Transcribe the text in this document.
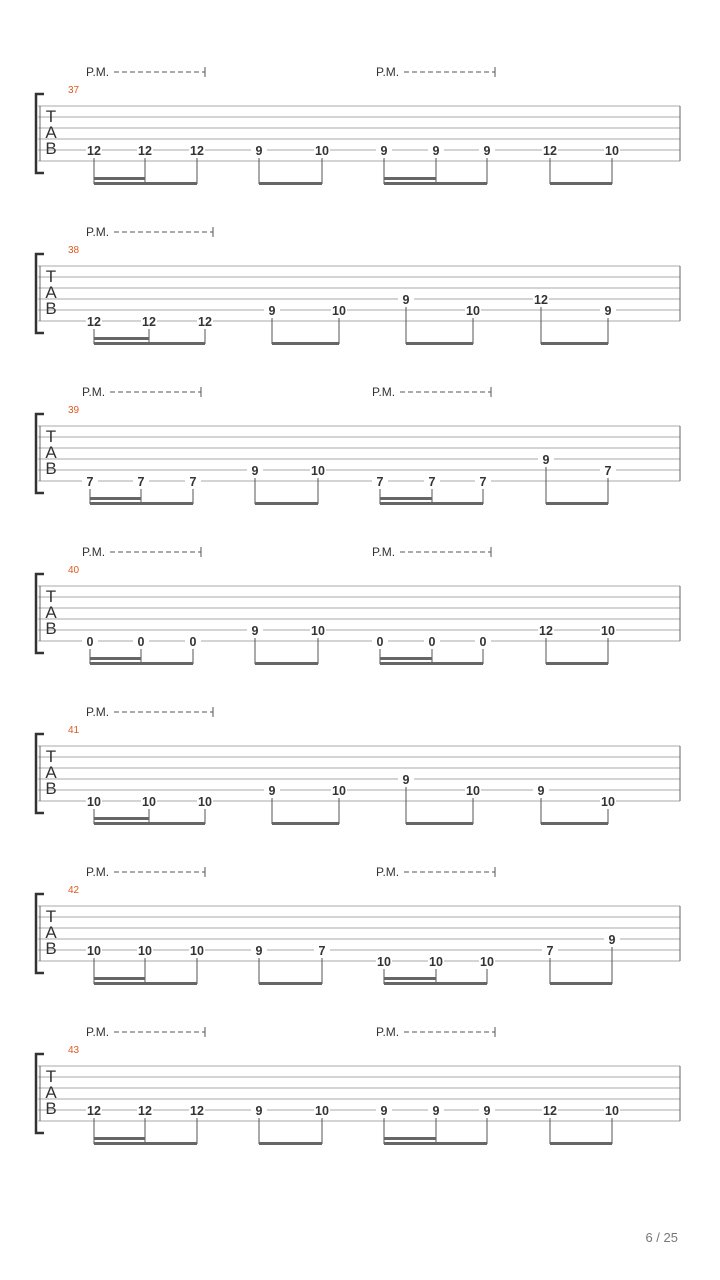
T
A
B
37
12	12	12	9	10	9	9	9	12	10
P.M.	P.M.
T
A
B
38
12	12	12
9	10
9
10
12
9
P.M.
T
A
B
39
7	7	7
9	10
7	7	7
9
7
P.M.	P.M.
T
A
B
40
0	0	0
9	10
0	0	0
12	10
P.M.	P.M.
T
A
B
41
10	10	10
9	10
9
10	9
10
P.M.
T
A
B
42
10	10	10	9	7
10	10	10
7
9
P.M.	P.M.
T
A
B
43
12	12	12	9	10	9	9	9	12	10
P.M.	P.M.
6 / 25
